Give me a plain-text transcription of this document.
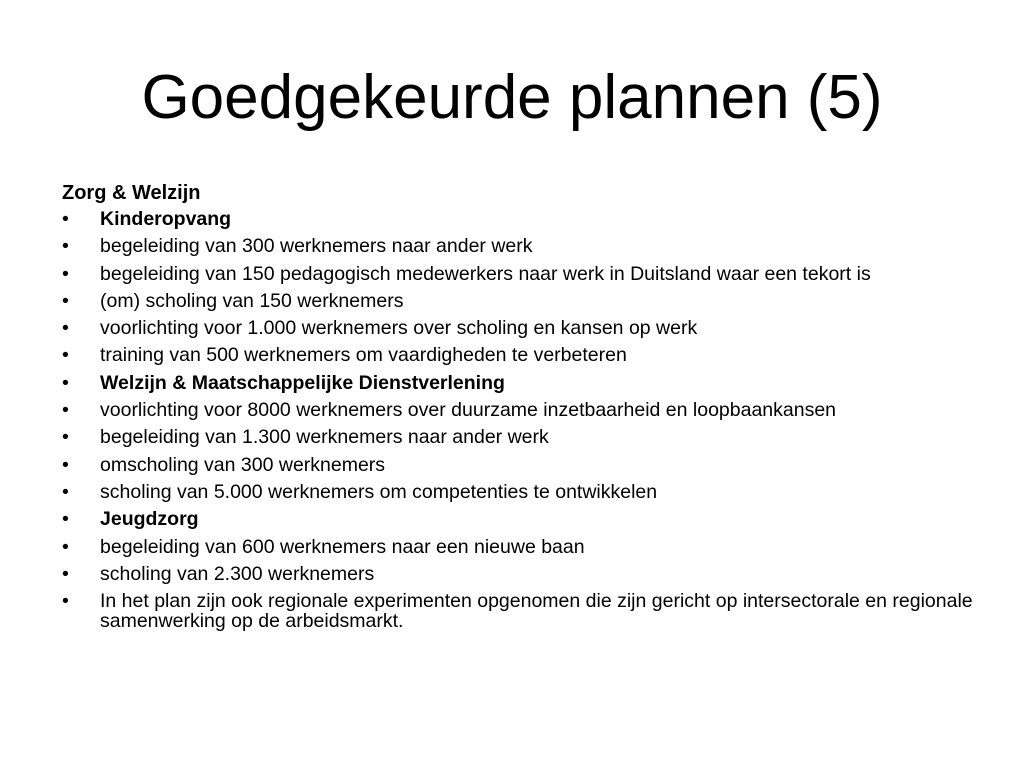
Goedgekeurde plannen (5)
Zorg & Welzijn
• Kinderopvang
• begeleiding van 300 werknemers naar ander werk
• begeleiding van 150 pedagogisch medewerkers naar werk in Duitsland waar een tekort is
• (om) scholing van 150 werknemers
• voorlichting voor 1.000 werknemers over scholing en kansen op werk
• training van 500 werknemers om vaardigheden te verbeteren
• Welzijn & Maatschappelijke Dienstverlening
• voorlichting voor 8000 werknemers over duurzame inzetbaarheid en loopbaankansen
• begeleiding van 1.300 werknemers naar ander werk
• omscholing van 300 werknemers
• scholing van 5.000 werknemers om competenties te ontwikkelen
• Jeugdzorg
• begeleiding van 600 werknemers naar een nieuwe baan
• scholing van 2.300 werknemers
• In het plan zijn ook regionale experimenten opgenomen die zijn gericht op intersectorale en regionale samenwerking op de arbeidsmarkt.
